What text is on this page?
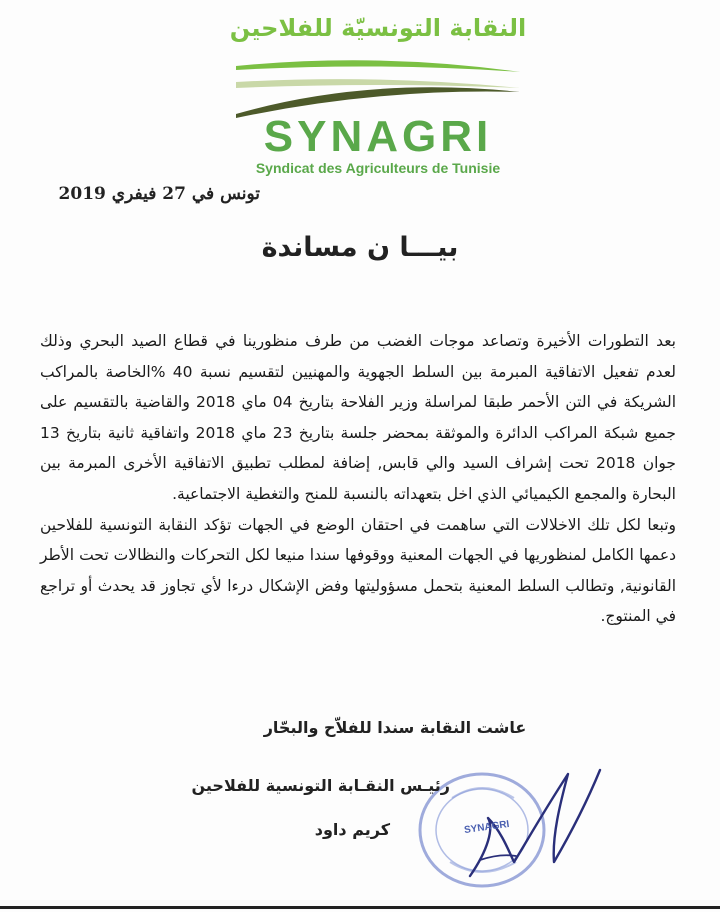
النقابة التونسيّة للفلاحين
SYNAGRI
Syndicat des Agriculteurs de Tunisie
تونس في 27 فيفري 2019
بيـــا ن مساندة

بعد التطورات الأخيرة وتصاعد موجات الغضب من طرف منظورينا في قطاع الصيد البحري وذلك لعدم تفعيل الاتفاقية المبرمة بين السلط الجهوية والمهنيين لتقسيم نسبة 40 %الخاصة بالمراكب الشريكة في التن الأحمر طبقا لمراسلة وزير الفلاحة بتاريخ 04 ماي 2018 والقاضية بالتقسيم على جميع شبكة المراكب الدائرة والموثقة بمحضر جلسة بتاريخ 23 ماي 2018 واتفاقية ثانية بتاريخ 13 جوان 2018 تحت إشراف السيد والي قابس, إضافة لمطلب تطبيق الاتفاقية الأخرى المبرمة بين البحارة والمجمع الكيميائي الذي اخل بتعهداته بالنسبة للمنح والتغطية الاجتماعية.

وتبعا لكل تلك الاخلالات التي ساهمت في احتقان الوضع في الجهات تؤكد النقابة التونسية للفلاحين دعمها الكامل لمنظوريها في الجهات المعنية ووقوفها سندا منيعا لكل التحركات والنظالات تحت الأطر القانونية, وتطالب السلط المعنية بتحمل مسؤوليتها وفض الإشكال درءا لأي تجاوز قد يحدث أو تراجع في المنتوج.

عاشت النقابة سندا للفلاّح والبحّار
SYNAGRI
رئيـس النقـابة التونسية للفلاحين
كريم داود
